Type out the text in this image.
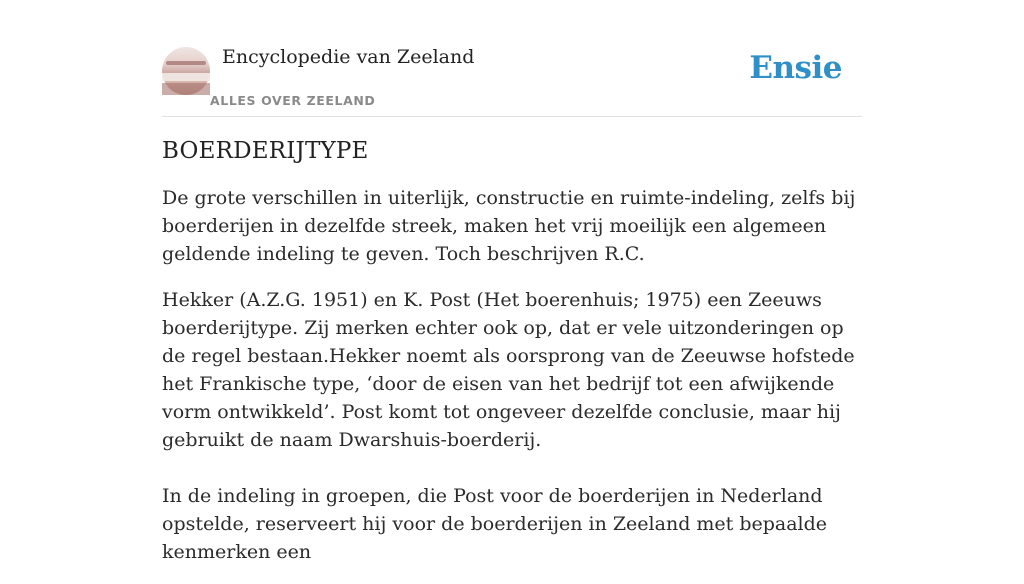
Encyclopedie van Zeeland
ALLES OVER ZEELAND
Ensie
BOERDERIJTYPE

De grote verschillen in uiterlijk, constructie en ruimte-indeling, zelfs bij boerderijen in dezelfde streek, maken het vrij moeilijk een algemeen geldende indeling te geven. Toch beschrijven R.C.

Hekker (A.Z.G. 1951) en K. Post (Het boerenhuis; 1975) een Zeeuws boerderijtype. Zij merken echter ook op, dat er vele uitzonderingen op de regel bestaan.Hekker noemt als oorsprong van de Zeeuwse hofstede het Frankische type, ‘door de eisen van het bedrijf tot een afwijkende vorm ontwikkeld’. Post komt tot ongeveer dezelfde conclusie, maar hij gebruikt de naam Dwarshuis-boerderij.

In de indeling in groepen, die Post voor de boerderijen in Nederland opstelde, reserveert hij voor de boerderijen in Zeeland met bepaalde kenmerken een
